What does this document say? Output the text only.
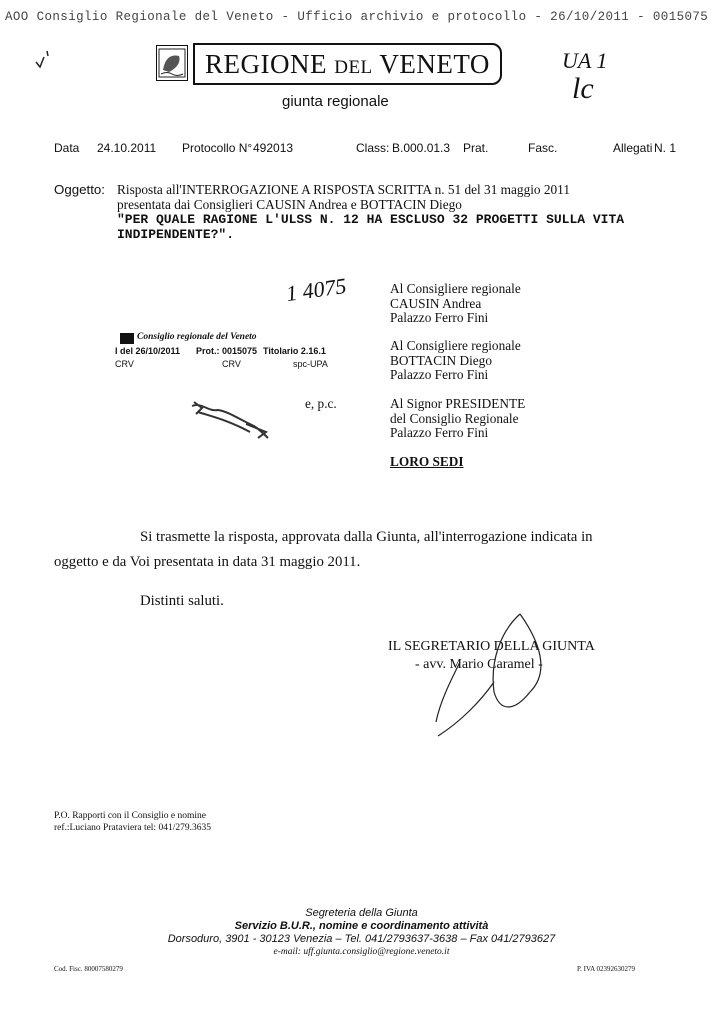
AOO Consiglio Regionale del Veneto - Ufficio archivio e protocollo - 26/10/2011 - 0015075
REGIONE DEL VENETO
giunta regionale
UA 1
lc
Data 24.10.2011 Protocollo N° 492013	Class: B.000.01.3 Prat.	Fasc.	Allegati N. 1
Oggetto: Risposta all'INTERROGAZIONE A RISPOSTA SCRITTA n. 51 del 31 maggio 2011
presentata dai Consiglieri CAUSIN Andrea e BOTTACIN Diego
"PER QUALE RAGIONE L'ULSS N. 12 HA ESCLUSO 32 PROGETTI SULLA VITA
INDIPENDENTE?".
1 4075	Al Consigliere regionale
CAUSIN Andrea
Palazzo Ferro Fini
Al Consigliere regionale
BOTTACIN Diego
Palazzo Ferro Fini
Al Signor PRESIDENTE
del Consiglio Regionale
Palazzo Ferro Fini
LORO SEDI
e, p.c.
Consiglio regionale del Veneto
I del 26/10/2011 Prot.: 0015075 Titolario 2.16.1
CRV	CRV	spc-UPA
Si trasmette la risposta, approvata dalla Giunta, all'interrogazione indicata in
oggetto e da Voi presentata in data 31 maggio 2011.
Distinti saluti.
IL SEGRETARIO DELLA GIUNTA
- avv. Mario Caramel -
P.O. Rapporti con il Consiglio e nomine
ref.:Luciano Prataviera tel: 041/279.3635
Segreteria della Giunta
Servizio B.U.R., nomine e coordinamento attività
Dorsoduro, 3901 - 30123 Venezia – Tel. 041/2793637-3638 – Fax 041/2793627
e-mail: uff.giunta.consiglio@regione.veneto.it
Cod. Fisc. 80007580279	P. IVA 02392630279
